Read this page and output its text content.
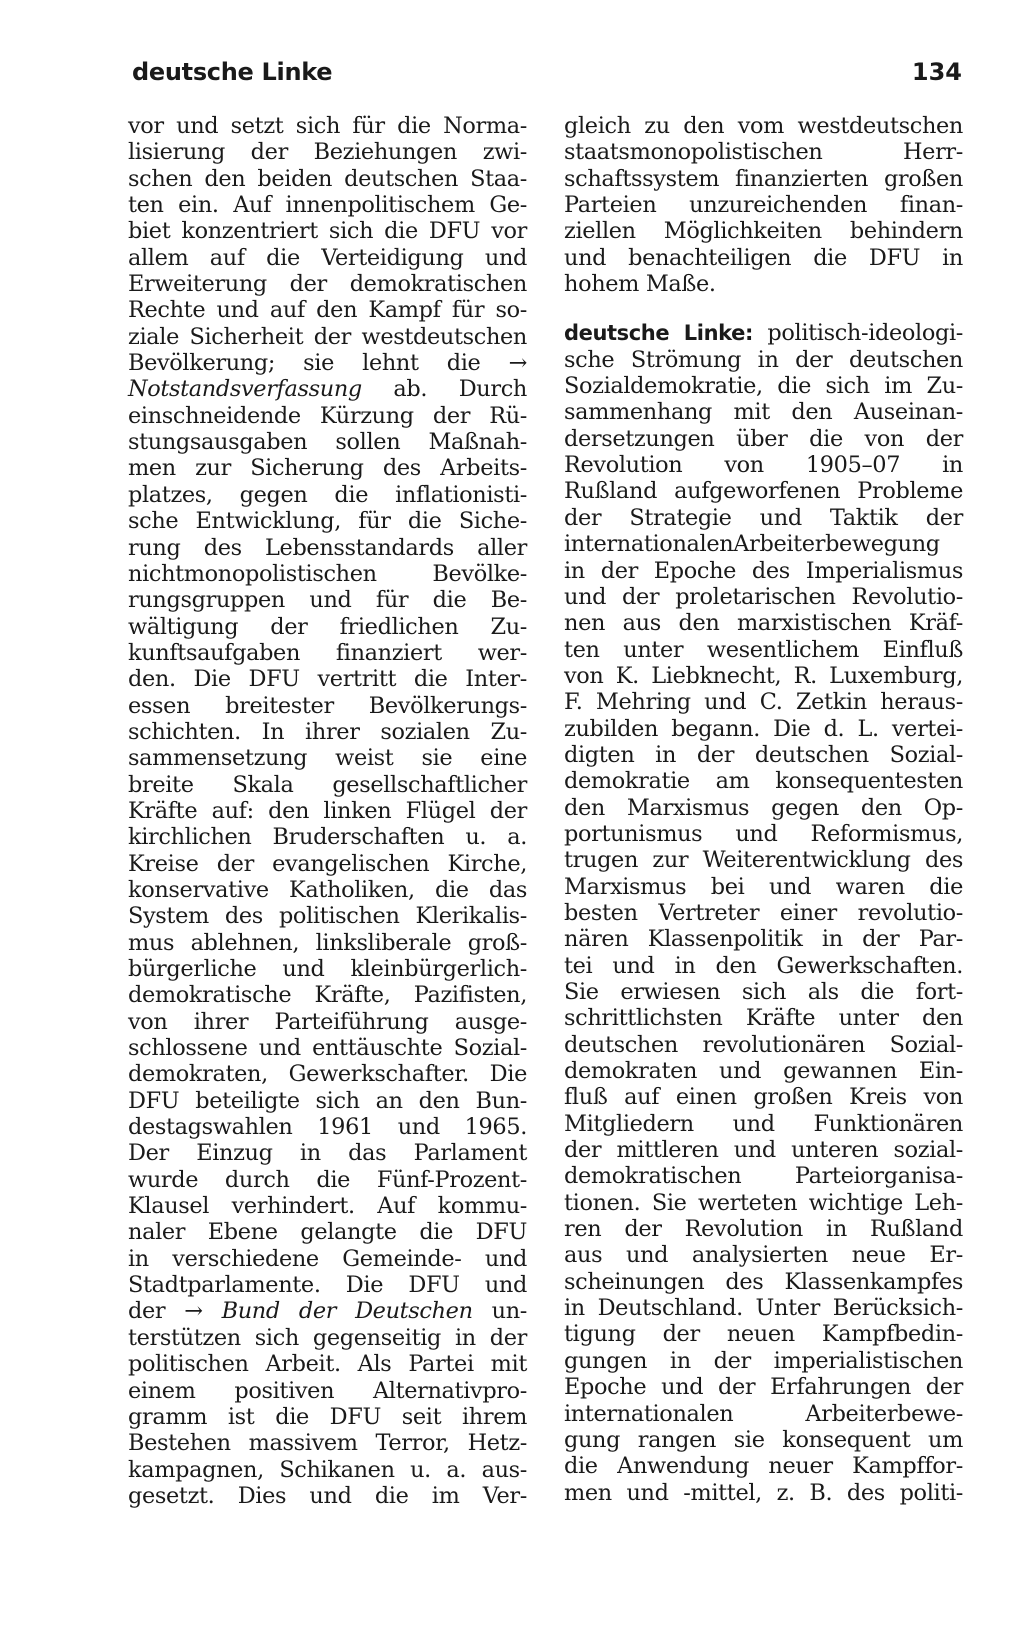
deutsche Linke	134
vor und setzt sich für die Norma-
lisierung der Beziehungen zwi-
schen den beiden deutschen Staa-
ten ein. Auf innenpolitischem Ge-
biet konzentriert sich die DFU vor
allem auf die Verteidigung und
Erweiterung der demokratischen
Rechte und auf den Kampf für so-
ziale Sicherheit der westdeutschen
Bevölkerung; sie lehnt die →
Notstandsverfassung ab. Durch
einschneidende Kürzung der Rü-
stungsausgaben sollen Maßnah-
men zur Sicherung des Arbeits-
platzes, gegen die inflationisti-
sche Entwicklung, für die Siche-
rung des Lebensstandards aller
nichtmonopolistischen Bevölke-
rungsgruppen und für die Be-
wältigung der friedlichen Zu-
kunftsaufgaben finanziert wer-
den. Die DFU vertritt die Inter-
essen breitester Bevölkerungs-
schichten. In ihrer sozialen Zu-
sammensetzung weist sie eine
breite Skala gesellschaftlicher
Kräfte auf: den linken Flügel der
kirchlichen Bruderschaften u. a.
Kreise der evangelischen Kirche,
konservative Katholiken, die das
System des politischen Klerikalis-
mus ablehnen, linksliberale groß-
bürgerliche und kleinbürgerlich-
demokratische Kräfte, Pazifisten,
von ihrer Parteiführung ausge-
schlossene und enttäuschte Sozial-
demokraten, Gewerkschafter. Die
DFU beteiligte sich an den Bun-
destagswahlen 1961 und 1965.
Der Einzug in das Parlament
wurde durch die Fünf-Prozent-
Klausel verhindert. Auf kommu-
naler Ebene gelangte die DFU
in verschiedene Gemeinde- und
Stadtparlamente. Die DFU und
der → Bund der Deutschen un-
terstützen sich gegenseitig in der
politischen Arbeit. Als Partei mit
einem positiven Alternativpro-
gramm ist die DFU seit ihrem
Bestehen massivem Terror, Hetz-
kampagnen, Schikanen u. a. aus-
gesetzt. Dies und die im Ver-
gleich zu den vom westdeutschen
staatsmonopolistischen Herr-
schaftssystem finanzierten großen
Parteien unzureichenden finan-
ziellen Möglichkeiten behindern
und benachteiligen die DFU in
hohem Maße.
deutsche Linke: politisch-ideologi-
sche Strömung in der deutschen
Sozialdemokratie, die sich im Zu-
sammenhang mit den Auseinan-
dersetzungen über die von der
Revolution von 1905–07 in
Rußland aufgeworfenen Probleme
der Strategie und Taktik der
internationalenArbeiterbewegung
in der Epoche des Imperialismus
und der proletarischen Revolutio-
nen aus den marxistischen Kräf-
ten unter wesentlichem Einfluß
von K. Liebknecht, R. Luxemburg,
F. Mehring und C. Zetkin heraus-
zubilden begann. Die d. L. vertei-
digten in der deutschen Sozial-
demokratie am konsequentesten
den Marxismus gegen den Op-
portunismus und Reformismus,
trugen zur Weiterentwicklung des
Marxismus bei und waren die
besten Vertreter einer revolutio-
nären Klassenpolitik in der Par-
tei und in den Gewerkschaften.
Sie erwiesen sich als die fort-
schrittlichsten Kräfte unter den
deutschen revolutionären Sozial-
demokraten und gewannen Ein-
fluß auf einen großen Kreis von
Mitgliedern und Funktionären
der mittleren und unteren sozial-
demokratischen Parteiorganisa-
tionen. Sie werteten wichtige Leh-
ren der Revolution in Rußland
aus und analysierten neue Er-
scheinungen des Klassenkampfes
in Deutschland. Unter Berücksich-
tigung der neuen Kampfbedin-
gungen in der imperialistischen
Epoche und der Erfahrungen der
internationalen Arbeiterbewe-
gung rangen sie konsequent um
die Anwendung neuer Kampffor-
men und -mittel, z. B. des politi-
